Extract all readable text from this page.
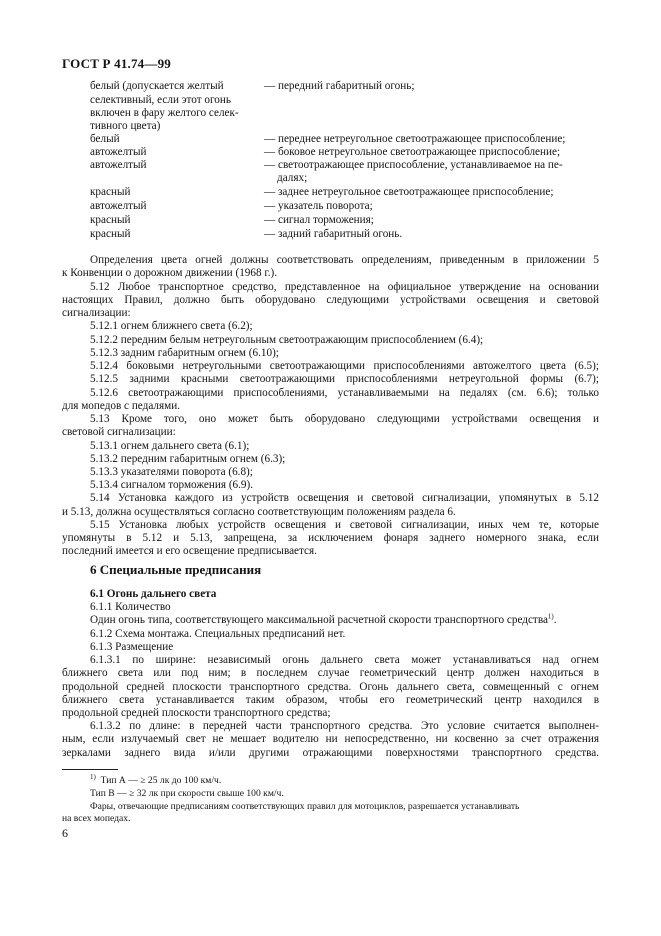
ГОСТ Р 41.74—99
белый (допускается желтый	— передний габаритный огонь;
селективный, если этот огонь
включен в фару желтого селек-
тивного цвета)
белый	— переднее нетреугольное светоотражающее приспособление;
автожелтый	— боковое нетреугольное светоотражающее приспособление;
автожелтый	— светоотражающее приспособление, устанавливаемое на пе-
далях;
красный	— заднее нетреугольное светоотражающее приспособление;
автожелтый	— указатель поворота;
красный	— сигнал торможения;
красный	— задний габаритный огонь.
Определения цвета огней должны соответствовать определениям, приведенным в приложении 5
к Конвенции о дорожном движении (1968 г.).
5.12 Любое транспортное средство, представленное на официальное утверждение на основании
настоящих Правил, должно быть оборудовано следующими устройствами освещения и световой
сигнализации:
5.12.1 огнем ближнего света (6.2);
5.12.2 передним белым нетреугольным светоотражающим приспособлением (6.4);
5.12.3 задним габаритным огнем (6.10);
5.12.4 боковыми нетреугольными светоотражающими приспособлениями автожелтого цвета (6.5);
5.12.5 задними красными светоотражающими приспособлениями нетреугольной формы (6.7);
5.12.6 светоотражающими приспособлениями, устанавливаемыми на педалях (см. 6.6); только
для мопедов с педалями.
5.13 Кроме того, оно может быть оборудовано следующими устройствами освещения и
световой сигнализации:
5.13.1 огнем дальнего света (6.1);
5.13.2 передним габаритным огнем (6.3);
5.13.3 указателями поворота (6.8);
5.13.4 сигналом торможения (6.9).
5.14 Установка каждого из устройств освещения и световой сигнализации, упомянутых в 5.12
и 5.13, должна осуществляться согласно соответствующим положениям раздела 6.
5.15 Установка любых устройств освещения и световой сигнализации, иных чем те, которые
упомянуты в 5.12 и 5.13, запрещена, за исключением фонаря заднего номерного знака, если
последний имеется и его освещение предписывается.
6 Специальные предписания
6.1 Огонь дальнего света
6.1.1 Количество
Один огонь типа, соответствующего максимальной расчетной скорости транспортного средства$^{1)}$.
6.1.2 Схема монтажа. Специальных предписаний нет.
6.1.3 Размещение
6.1.3.1 по ширине: независимый огонь дальнего света может устанавливаться над огнем
ближнего света или под ним; в последнем случае геометрический центр должен находиться в
продольной средней плоскости транспортного средства. Огонь дальнего света, совмещенный с огнем
ближнего света устанавливается таким образом, чтобы его геометрический центр находился в
продольной средней плоскости транспортного средства;
6.1.3.2 по длине: в передней части транспортного средства. Это условие считается выполнен-
ным, если излучаемый свет не мешает водителю ни непосредственно, ни косвенно за счет отражения
зеркалами заднего вида и/или другими отражающими поверхностями транспортного средства.
$^{1)}$ Тип А — ≥ 25 лк до 100 км/ч.
Тип В — ≥ 32 лк при скорости свыше 100 км/ч.
Фары, отвечающие предписаниям соответствующих правил для мотоциклов, разрешается устанавливать
на всех мопедах.
6
